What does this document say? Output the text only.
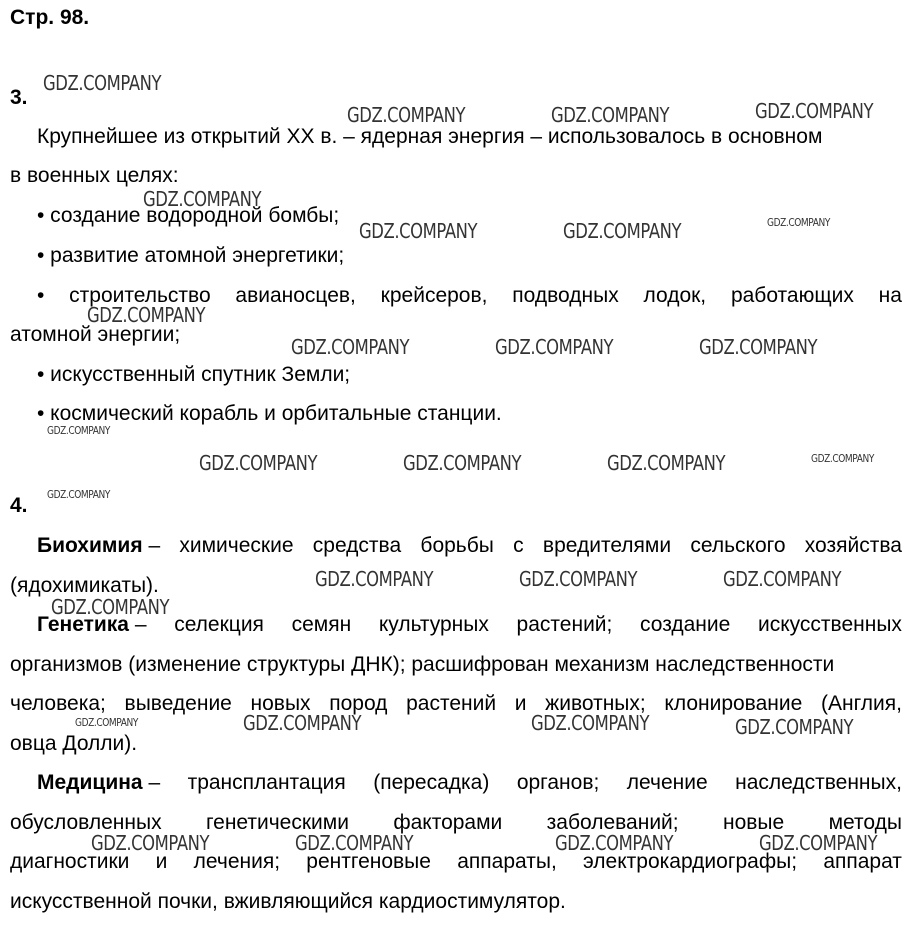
Стр. 98.
3.
Крупнейшее из открытий XX в. – ядерная энергия – использовалось в основном
в военных целях:
• создание водородной бомбы;
• развитие атомной энергетики;
• строительство авианосцев, крейсеров, подводных лодок, работающих на
атомной энергии;
• искусственный спутник Земли;
• космический корабль и орбитальные станции.
4.
Биохимия – химические средства борьбы с вредителями сельского хозяйства
(ядохимикаты).
Генетика – селекция семян культурных растений; создание искусственных
организмов (изменение структуры ДНК); расшифрован механизм наследственности
человека; выведение новых пород растений и животных; клонирование (Англия,
овца Долли).
Медицина – трансплантация (пересадка) органов; лечение наследственных,
обусловленных генетическими факторами заболеваний; новые методы
диагностики и лечения; рентгеновые аппараты, электрокардиографы; аппарат
искусственной почки, вживляющийся кардиостимулятор.
GDZ.COMPANY
GDZ.COMPANY	GDZ.COMPANY	GDZ.COMPANY
GDZ.COMPANY
GDZ.COMPANY	GDZ.COMPANY	GDZ.COMPANY
GDZ.COMPANY
GDZ.COMPANY	GDZ.COMPANY	GDZ.COMPANY
GDZ.COMPANY
GDZ.COMPANY	GDZ.COMPANY	GDZ.COMPANY	GDZ.COMPANY
GDZ.COMPANY
GDZ.COMPANY	GDZ.COMPANY	GDZ.COMPANY
GDZ.COMPANY
GDZ.COMPANY	GDZ.COMPANY	GDZ.COMPANY	GDZ.COMPANY
GDZ.COMPANY	GDZ.COMPANY	GDZ.COMPANY	GDZ.COMPANY
